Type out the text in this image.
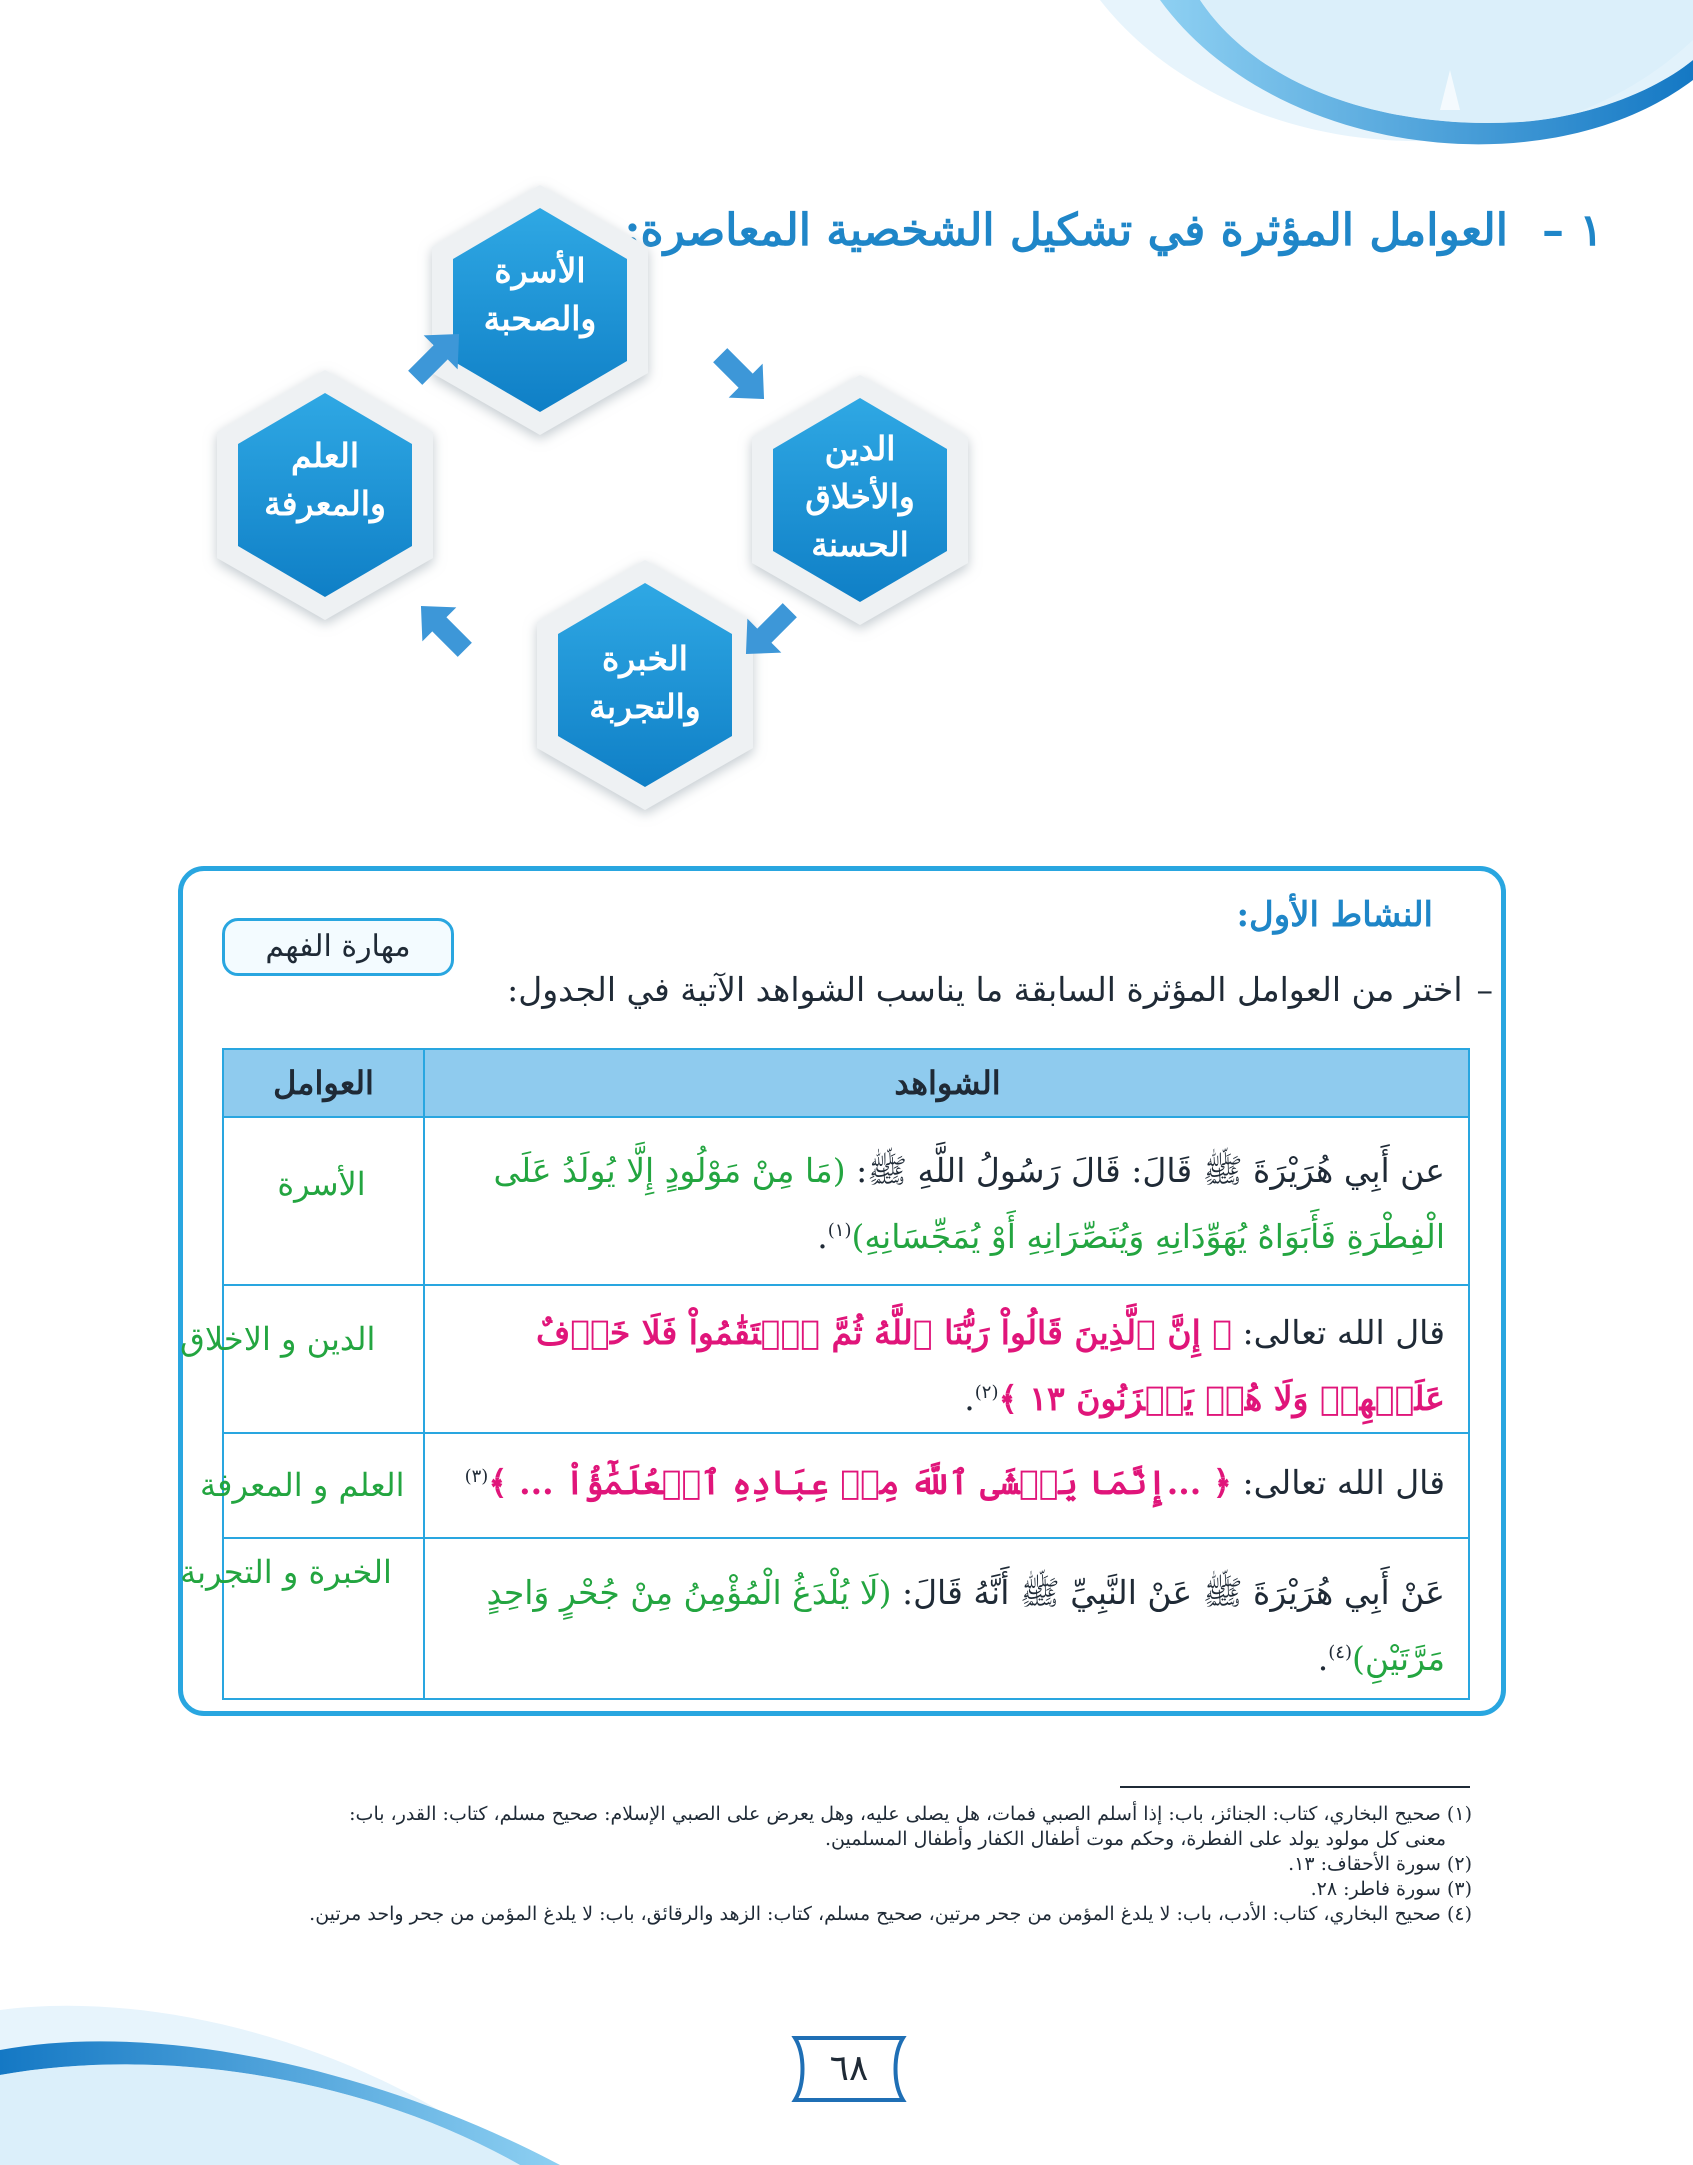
١ –العوامل المؤثرة في تشكيل الشخصية المعاصرة:
الأسرة
والصحبة
الدين
والأخلاق
الحسنة
الخبرة
والتجربة
العلم
والمعرفة
النشاط الأول:
مهارة الفهم
–اختر من العوامل المؤثرة السابقة ما يناسب الشواهد الآتية في الجدول:
العوامل	الشواهد
عن أَبِي هُرَيْرَةَ ﷺ قَالَ: قَالَ رَسُولُ اللَّهِ ﷺ: (مَا مِنْ مَوْلُودٍ إِلَّا يُولَدُ عَلَى الْفِطْرَةِ فَأَبَوَاهُ يُهَوِّدَانِهِ وَيُنَصِّرَانِهِ أَوْ يُمَجِّسَانِهِ)$^{(١)}$.
قال الله تعالى: ﴿ إِنَّ ٱلَّذِينَ قَالُواْ رَبُّنَا ٱللَّهُ ثُمَّ ٱسۡتَقَٰمُواْ فَلَا خَوۡفٌ عَلَيۡهِمۡ وَلَا هُمۡ يَحۡزَنُونَ ١٣ ﴾$^{(٢)}$.
قال الله تعالى: ﴿ ...إِنَّمَا يَخۡشَى ٱللَّهَ مِنۡ عِبَادِهِ ٱلۡعُلَمَٰٓؤُاْ ... ﴾$^{(٣)}$
عَنْ أَبِي هُرَيْرَةَ ﷺ عَنْ النَّبِيِّ ﷺ أَنَّهُ قَالَ: (لَا يُلْدَغُ الْمُؤْمِنُ مِنْ جُحْرٍ وَاحِدٍ مَرَّتَيْنِ)$^{(٤)}$.
الأسرة
الدين و الاخلاق
العلم و المعرفة
الخبرة و التجربة

(١) صحيح البخاري، كتاب: الجنائز، باب: إذا أسلم الصبي فمات، هل يصلى عليه، وهل يعرض على الصبي الإسلام: صحيح مسلم، كتاب: القدر، باب:

معنى كل مولود يولد على الفطرة، وحكم موت أطفال الكفار وأطفال المسلمين.

(٢) سورة الأحقاف: ١٣.

(٣) سورة فاطر: ٢٨.

(٤) صحيح البخاري، كتاب: الأدب، باب: لا يلدغ المؤمن من جحر مرتين، صحيح مسلم، كتاب: الزهد والرقائق، باب: لا يلدغ المؤمن من جحر واحد مرتين.

٦٨
